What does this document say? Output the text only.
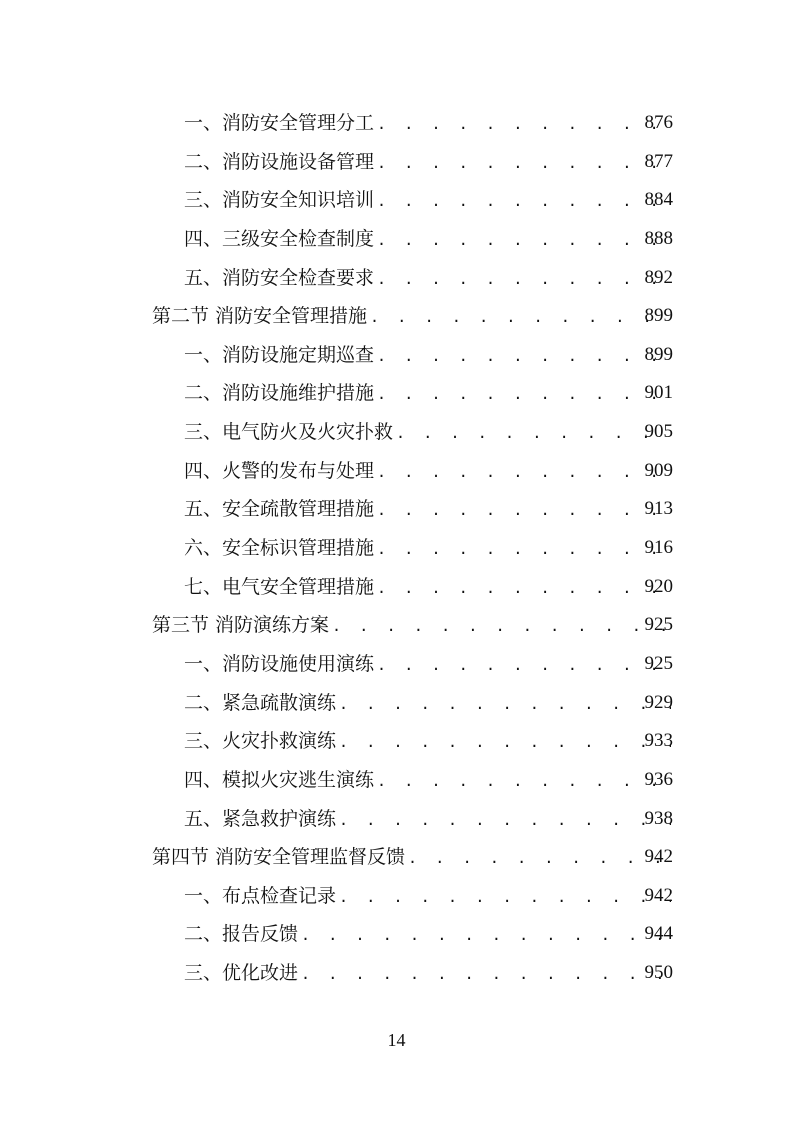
一、消防安全管理分工 . . .	876
二、消防设施设备管理 . . .	877
三、消防安全知识培训 . . .	884
四、三级安全检查制度 . . .	888
五、消防安全检查要求 . . .	892
第二节 消防安全管理措施 . . .	899
一、消防设施定期巡查 . . .	899
二、消防设施维护措施 . . .	901
三、电气防火及火灾扑救 . . .	905
四、火警的发布与处理 . . .	909
五、安全疏散管理措施 . . .	913
六、安全标识管理措施 . . .	916
七、电气安全管理措施 . . .	920
第三节 消防演练方案 . . .	925
一、消防设施使用演练 . . .	925
二、紧急疏散演练 . . .	929
三、火灾扑救演练 . . .	933
四、模拟火灾逃生演练 . . .	936
五、紧急救护演练 . . .	938
第四节 消防安全管理监督反馈 . . .	942
一、布点检查记录 . . .	942
二、报告反馈 . . .	944
三、优化改进 . . .	950
14
